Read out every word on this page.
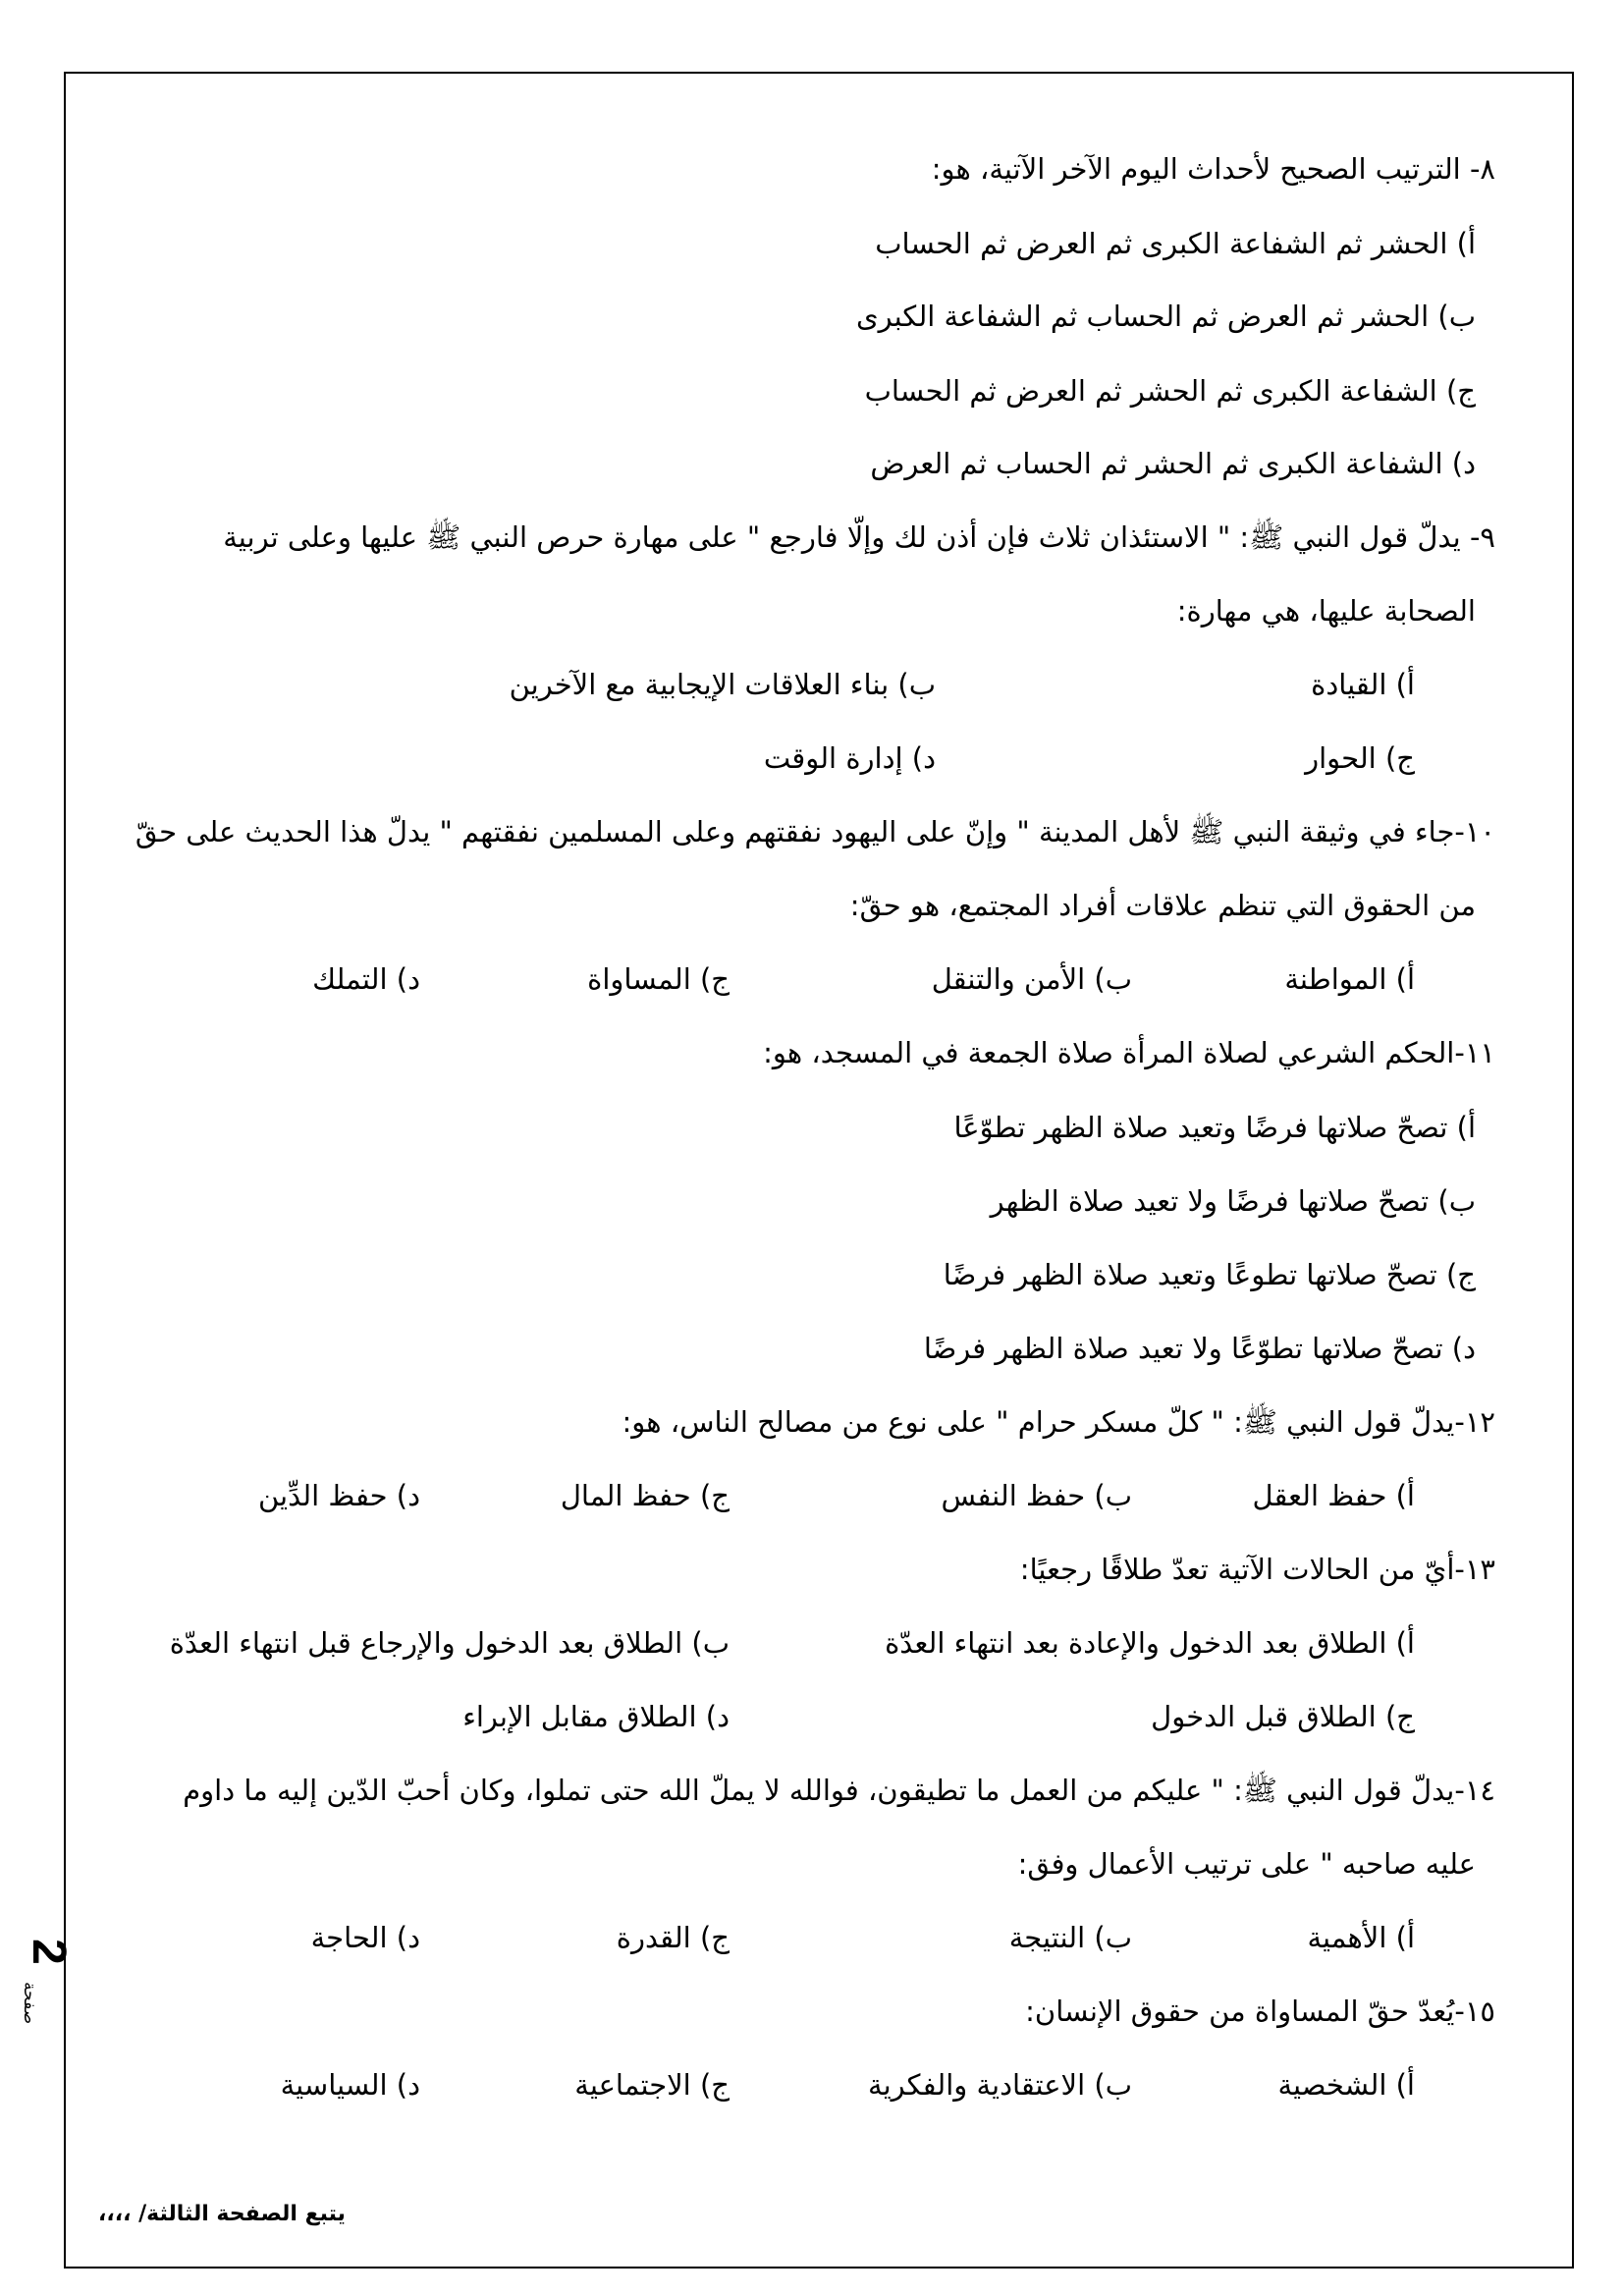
٨- الترتيب الصحيح لأحداث اليوم الآخر الآتية، هو:
أ) الحشر ثم الشفاعة الكبرى ثم العرض ثم الحساب
ب) الحشر ثم العرض ثم الحساب ثم الشفاعة الكبرى
ج) الشفاعة الكبرى ثم الحشر ثم العرض ثم الحساب
د) الشفاعة الكبرى ثم الحشر ثم الحساب ثم العرض
٩- يدلّ قول النبي ﷺ: " الاستئذان ثلاث فإن أذن لك وإلّا فارجع " على مهارة حرص النبي ﷺ عليها وعلى تربية
الصحابة عليها، هي مهارة:
أ) القيادة
ب) بناء العلاقات الإيجابية مع الآخرين
ج) الحوار
د) إدارة الوقت
١٠-جاء في وثيقة النبي ﷺ لأهل المدينة " وإنّ على اليهود نفقتهم وعلى المسلمين نفقتهم " يدلّ هذا الحديث على حقّ
من الحقوق التي تنظم علاقات أفراد المجتمع، هو حقّ:
أ) المواطنة
ب) الأمن والتنقل
ج) المساواة
د) التملك
١١-الحكم الشرعي لصلاة المرأة صلاة الجمعة في المسجد، هو:
أ) تصحّ صلاتها فرضًا وتعيد صلاة الظهر تطوّعًا
ب) تصحّ صلاتها فرضًا ولا تعيد صلاة الظهر
ج) تصحّ صلاتها تطوعًا وتعيد صلاة الظهر فرضًا
د) تصحّ صلاتها تطوّعًا ولا تعيد صلاة الظهر فرضًا
١٢-يدلّ قول النبي ﷺ: " كلّ مسكر حرام " على نوع من مصالح الناس، هو:
أ) حفظ العقل
ب) حفظ النفس
ج) حفظ المال
د) حفظ الدِّين
١٣-أيّ من الحالات الآتية تعدّ طلاقًا رجعيًا:
أ) الطلاق بعد الدخول والإعادة بعد انتهاء العدّة
ب) الطلاق بعد الدخول والإرجاع قبل انتهاء العدّة
ج) الطلاق قبل الدخول
د) الطلاق مقابل الإبراء
١٤-يدلّ قول النبي ﷺ: " عليكم من العمل ما تطيقون، فوالله لا يملّ الله حتى تملوا، وكان أحبّ الدّين إليه ما داوم
عليه صاحبه " على ترتيب الأعمال وفق:
أ) الأهمية
ب) النتيجة
ج) القدرة
د) الحاجة
١٥-يُعدّ حقّ المساواة من حقوق الإنسان:
أ) الشخصية
ب) الاعتقادية والفكرية
ج) الاجتماعية
د) السياسية
2
صفحة
يتبع الصفحة الثالثة/ ،،،،
